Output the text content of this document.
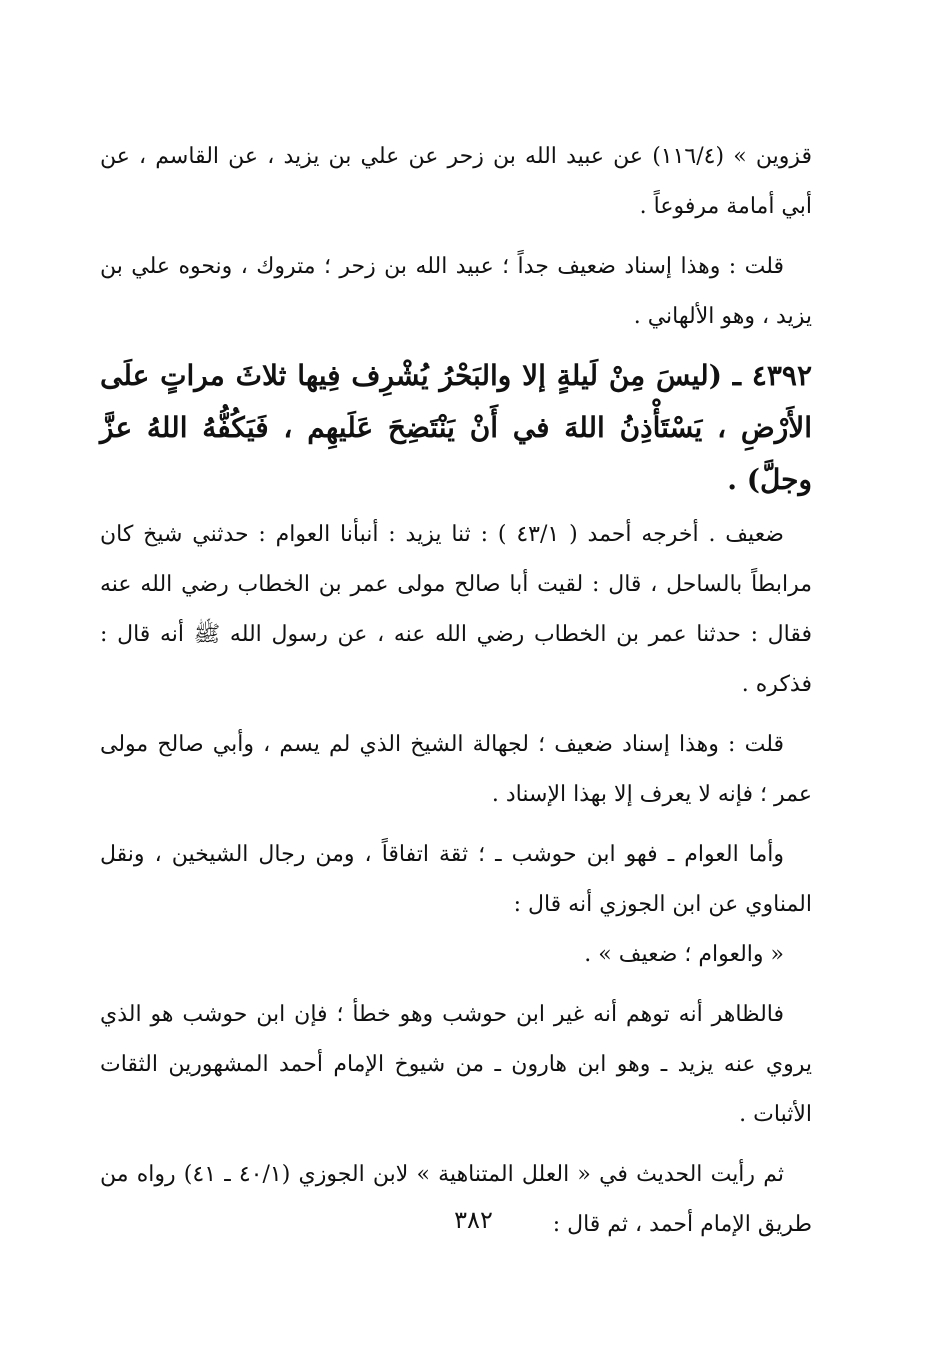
قزوين » (١١٦/٤) عن عبيد الله بن زحر عن علي بن يزيد ، عن القاسم ، عن أبي أمامة مرفوعاً .

قلت : وهذا إسناد ضعيف جداً ؛ عبيد الله بن زحر ؛ متروك ، ونحوه علي بن يزيد ، وهو الألهاني .

٤٣٩٢ ـ (ليسَ مِنْ لَيلةٍ إلا والبَحْرُ يُشْرِف فِيها ثلاثَ مراتٍ علَى الأَرْضِ ، يَسْتَأْذِنُ اللهَ في أَنْ يَنْتَضِحَ عَلَيهِم ، فَيَكُفُّهُ اللهُ عزَّ وجلَّ) .

ضعيف . أخرجه أحمد ( ٤٣/١ ) : ثنا يزيد : أنبأنا العوام : حدثني شيخ كان مرابطاً بالساحل ، قال : لقيت أبا صالح مولى عمر بن الخطاب رضي الله عنه فقال : حدثنا عمر بن الخطاب رضي الله عنه ، عن رسول الله ﷺ أنه قال : فذكره .

قلت : وهذا إسناد ضعيف ؛ لجهالة الشيخ الذي لم يسم ، وأبي صالح مولى عمر ؛ فإنه لا يعرف إلا بهذا الإسناد .

وأما العوام ـ فهو ابن حوشب ـ ؛ ثقة اتفاقاً ، ومن رجال الشيخين ، ونقل المناوي عن ابن الجوزي أنه قال :

« والعوام ؛ ضعيف » .

فالظاهر أنه توهم أنه غير ابن حوشب وهو خطأ ؛ فإن ابن حوشب هو الذي يروي عنه يزيد ـ وهو ابن هارون ـ من شيوخ الإمام أحمد المشهورين الثقات الأثبات .

ثم رأيت الحديث في « العلل المتناهية » لابن الجوزي (٤٠/١ ـ ٤١) رواه من طريق الإمام أحمد ، ثم قال :

٣٨٢
